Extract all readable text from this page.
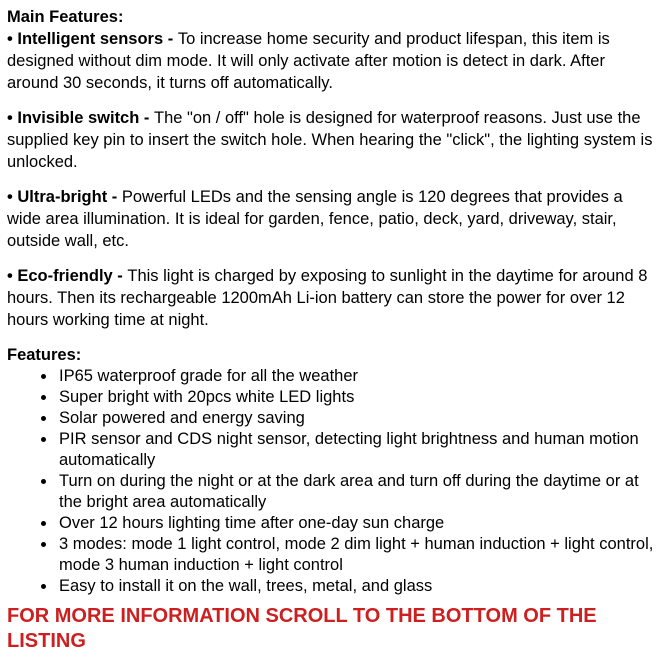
Main Features:

• Intelligent sensors - To increase home security and product lifespan, this item is designed without dim mode. It will only activate after motion is detect in dark. After around 30 seconds, it turns off automatically.

• Invisible switch - The "on / off" hole is designed for waterproof reasons. Just use the supplied key pin to insert the switch hole. When hearing the "click", the lighting system is unlocked.

• Ultra-bright - Powerful LEDs and the sensing angle is 120 degrees that provides a wide area illumination. It is ideal for garden, fence, patio, deck, yard, driveway, stair, outside wall, etc.

• Eco-friendly - This light is charged by exposing to sunlight in the daytime for around 8 hours. Then its rechargeable 1200mAh Li-ion battery can store the power for over 12 hours working time at night.

Features:
• IP65 waterproof grade for all the weather
• Super bright with 20pcs white LED lights
• Solar powered and energy saving
• PIR sensor and CDS night sensor, detecting light brightness and human motion automatically
• Turn on during the night or at the dark area and turn off during the daytime or at the bright area automatically
• Over 12 hours lighting time after one-day sun charge
• 3 modes: mode 1 light control, mode 2 dim light + human induction + light control, mode 3 human induction + light control
• Easy to install it on the wall, trees, metal, and glass

FOR MORE INFORMATION SCROLL TO THE BOTTOM OF THE LISTING
